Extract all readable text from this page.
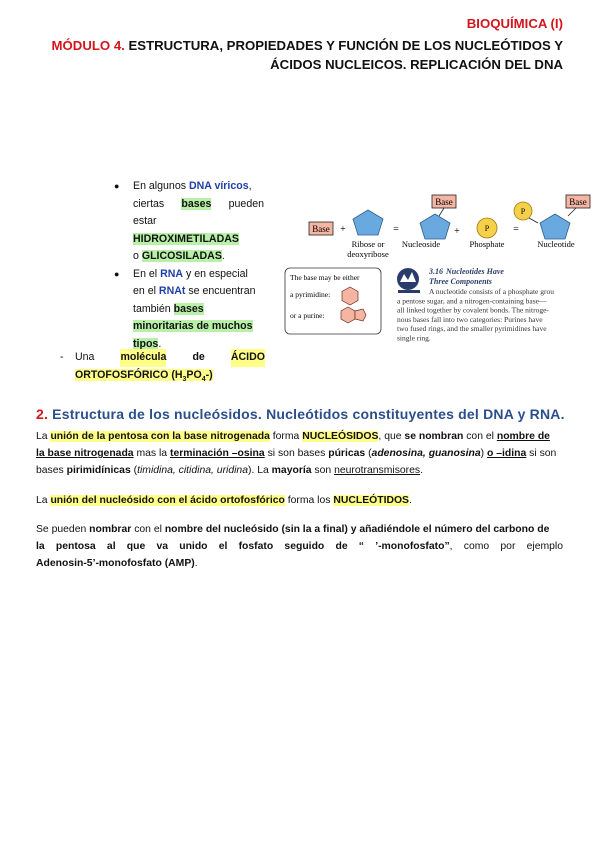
BIOQUÍMICA (I)
MÓDULO 4. ESTRUCTURA, PROPIEDADES Y FUNCIÓN DE LOS NUCLEÓTIDOS Y
ÁCIDOS NUCLEICOS. REPLICACIÓN DEL DNA
● En algunos DNA víricos,
ciertas bases pueden
estar HIDROXIMETILADAS
o GLICOSILADAS.
● En el RNA y en especial
en el RNAt se encuentran
también bases
minoritarias de muchos
tipos.
- Una molécula de ÁCIDO
ORTOFOSFÓRICO $(H_3PO_4-)$
Base +
Ribose or
deoxyribose
=
Base
Nucleoside
+	P
Phosphate
=
P
Base
Nucleotide
The base may be either
a pyrimidine:
or a purine:
3.16 Nucleotides Have
Three Components
A nucleotide consists of a phosphate grou
a pentose sugar, and a nitrogen-containing base—
all linked together by covalent bonds. The nitroge-
nous bases fall into two categories: Purines have
two fused rings, and the smaller pyrimidines have
single ring.
2. Estructura de los nucleósidos. Nucleótidos constituyentes del DNA y RNA.

La unión de la pentosa con la base nitrogenada forma NUCLEÓSIDOS, que se nombran con el nombre de
la base nitrogenada mas la terminación –osina si son bases púricas (adenosina, guanosina) o –idina si son
bases pirimidínicas (timidina, citidina, uridina). La mayoría son neurotransmisores.

La unión del nucleósido con el ácido ortofosfórico forma los NUCLEÓTIDOS.

Se pueden nombrar con el nombre del nucleósido (sin la a final) y añadiéndole el número del carbono de
la pentosa al que va unido el fosfato seguido de “ ’-monofosfato”, como por ejemplo
Adenosin-5’-monofosfato (AMP).
